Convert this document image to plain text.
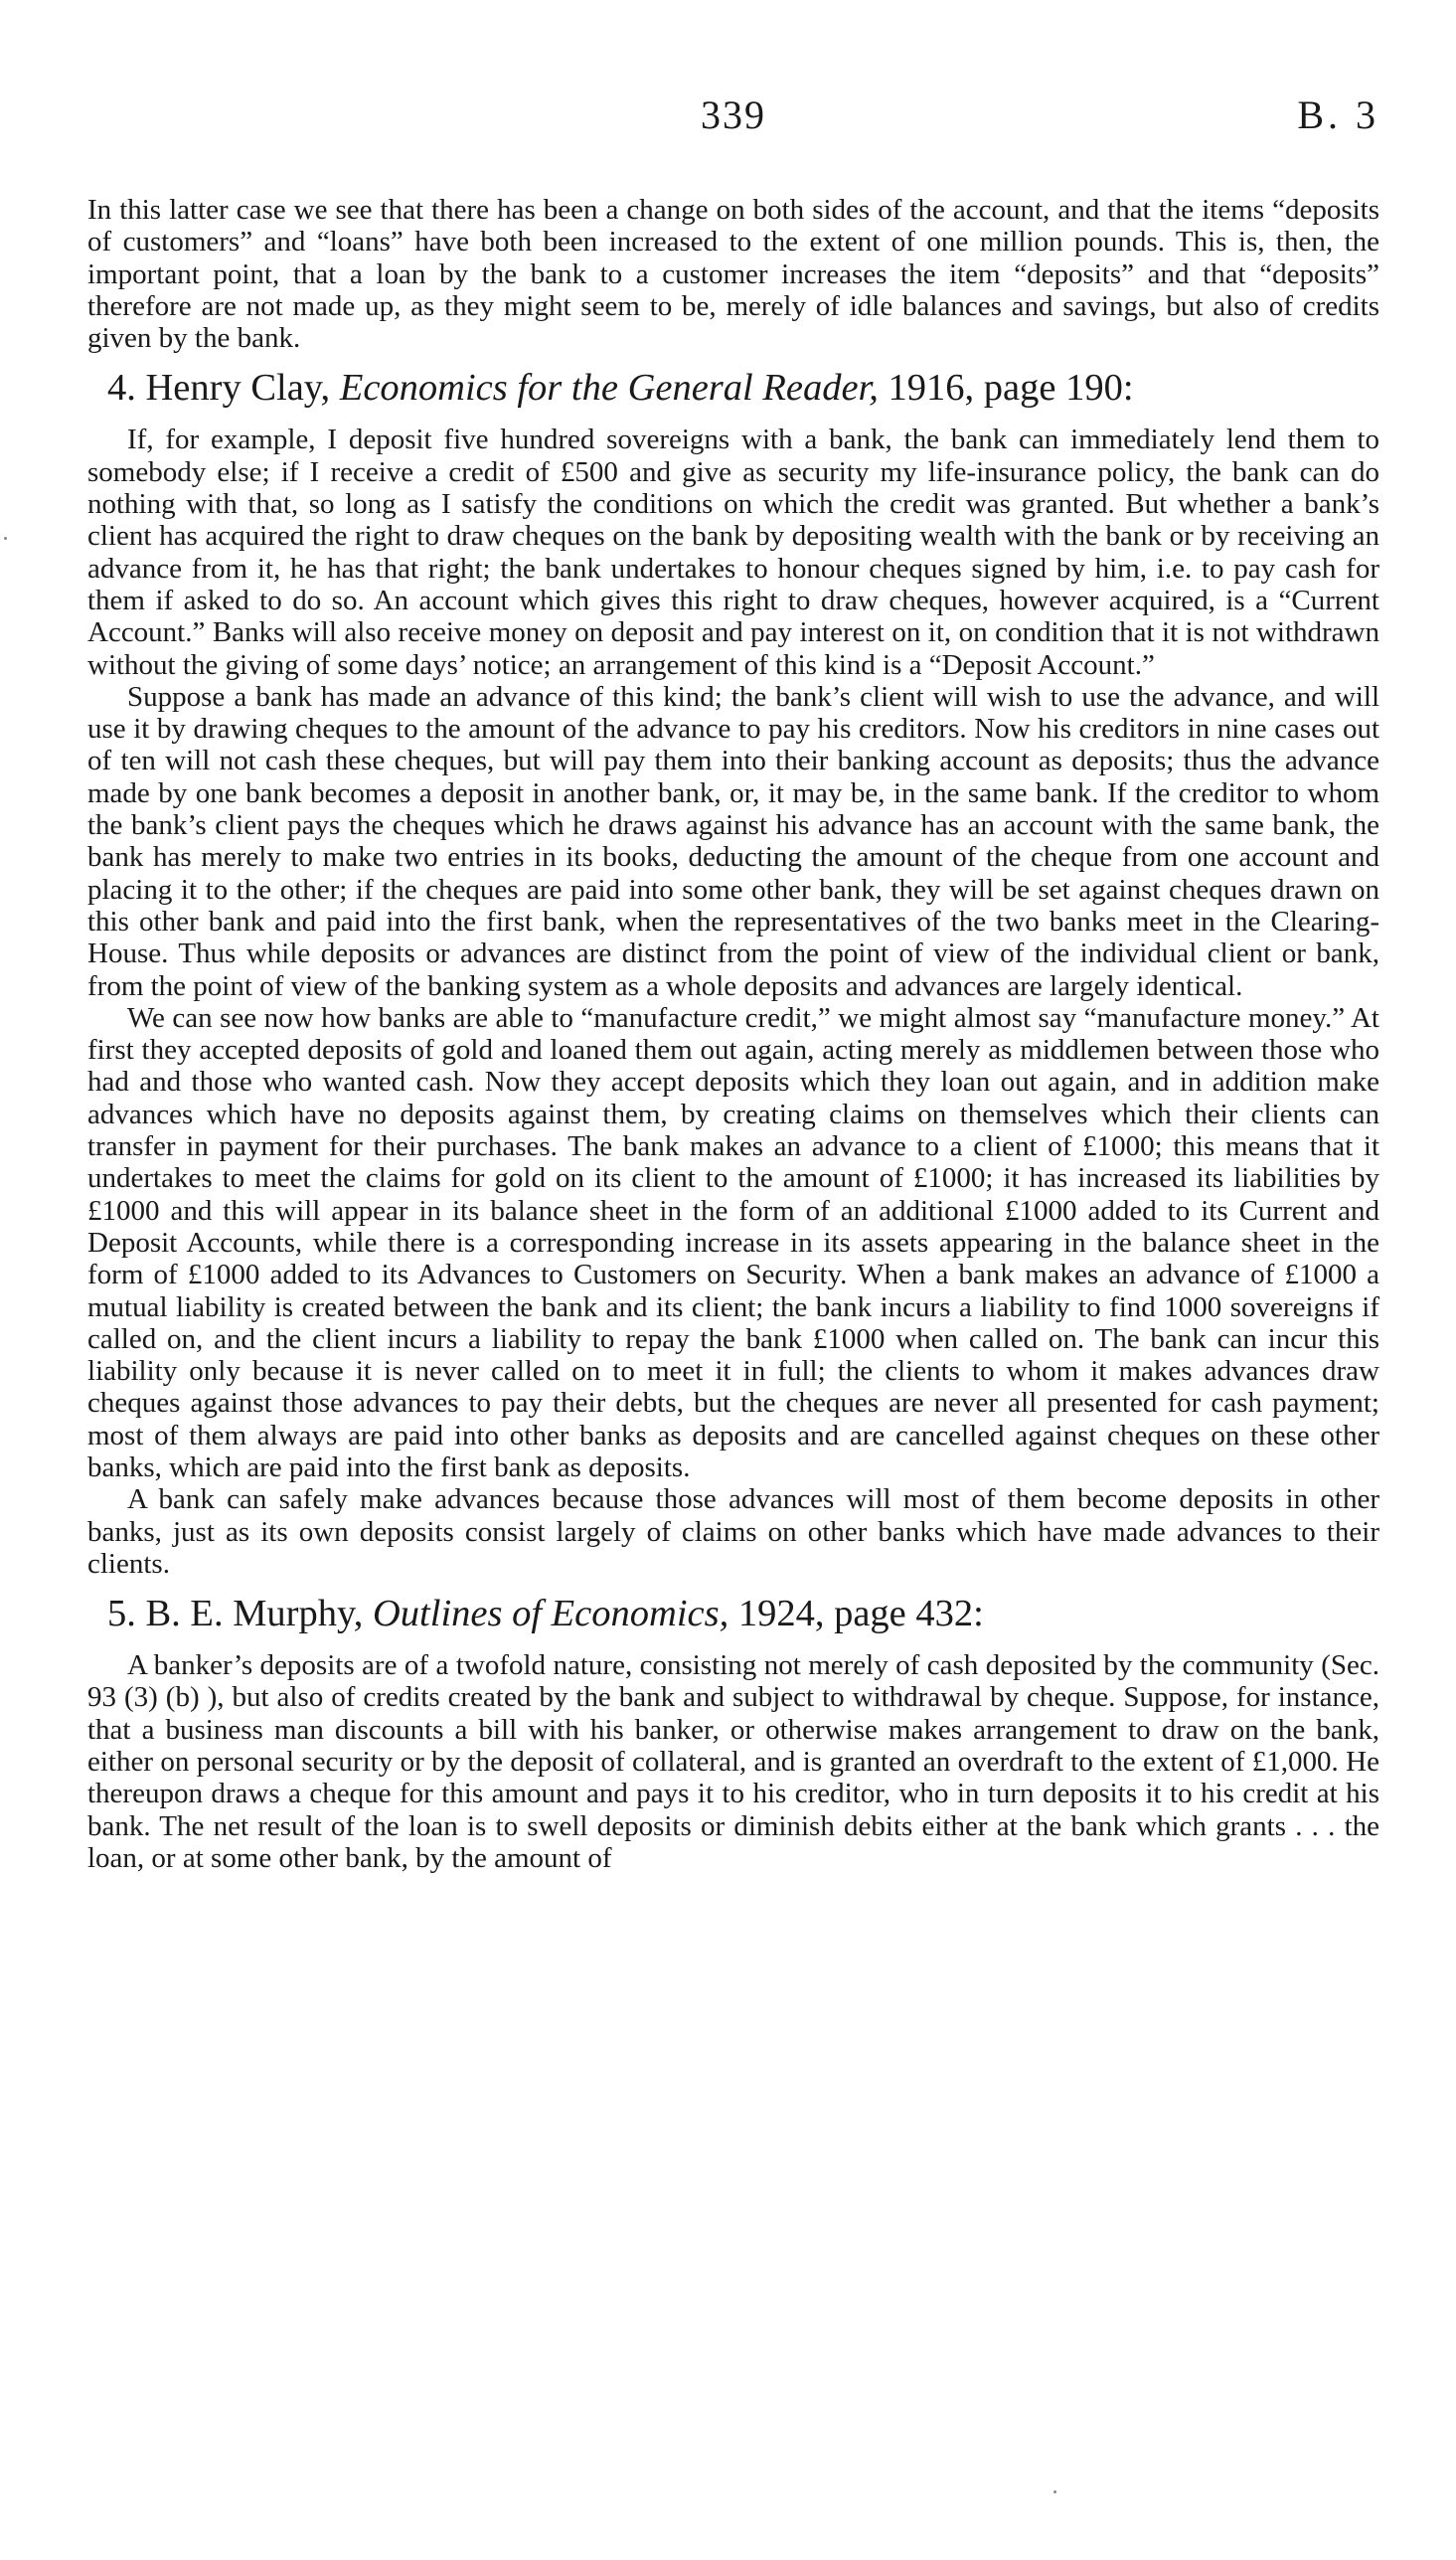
339	B. 3

In this latter case we see that there has been a change on both sides of the account, and that the items “deposits of customers” and “loans” have both been increased to the extent of one million pounds. This is, then, the important point, that a loan by the bank to a customer increases the item “deposits” and that “deposits” therefore are not made up, as they might seem to be, merely of idle balances and savings, but also of credits given by the bank.

4. Henry Clay, Economics for the General Reader, 1916, page 190:

If, for example, I deposit five hundred sovereigns with a bank, the bank can immediately lend them to somebody else; if I receive a credit of £500 and give as security my life-insurance policy, the bank can do nothing with that, so long as I satisfy the conditions on which the credit was granted. But whether a bank’s client has acquired the right to draw cheques on the bank by depositing wealth with the bank or by receiving an advance from it, he has that right; the bank undertakes to honour cheques signed by him, i.e. to pay cash for them if asked to do so. An account which gives this right to draw cheques, however acquired, is a “Current Account.” Banks will also receive money on deposit and pay interest on it, on condition that it is not withdrawn without the giving of some days’ notice; an arrangement of this kind is a “Deposit Account.”

Suppose a bank has made an advance of this kind; the bank’s client will wish to use the advance, and will use it by drawing cheques to the amount of the advance to pay his creditors. Now his creditors in nine cases out of ten will not cash these cheques, but will pay them into their banking account as deposits; thus the advance made by one bank becomes a deposit in another bank, or, it may be, in the same bank. If the creditor to whom the bank’s client pays the cheques which he draws against his advance has an account with the same bank, the bank has merely to make two entries in its books, deducting the amount of the cheque from one account and placing it to the other; if the cheques are paid into some other bank, they will be set against cheques drawn on this other bank and paid into the first bank, when the representatives of the two banks meet in the Clearing-House. Thus while deposits or advances are distinct from the point of view of the individual client or bank, from the point of view of the banking system as a whole deposits and advances are largely identical.

We can see now how banks are able to “manufacture credit,” we might almost say “manufacture money.” At first they accepted deposits of gold and loaned them out again, acting merely as middlemen between those who had and those who wanted cash. Now they accept deposits which they loan out again, and in addition make advances which have no deposits against them, by creating claims on themselves which their clients can transfer in payment for their purchases. The bank makes an advance to a client of £1000; this means that it undertakes to meet the claims for gold on its client to the amount of £1000; it has increased its liabilities by £1000 and this will appear in its balance sheet in the form of an additional £1000 added to its Current and Deposit Accounts, while there is a corresponding increase in its assets appearing in the balance sheet in the form of £1000 added to its Advances to Customers on Security. When a bank makes an advance of £1000 a mutual liability is created between the bank and its client; the bank incurs a liability to find 1000 sovereigns if called on, and the client incurs a liability to repay the bank £1000 when called on. The bank can incur this liability only because it is never called on to meet it in full; the clients to whom it makes advances draw cheques against those advances to pay their debts, but the cheques are never all presented for cash payment; most of them always are paid into other banks as deposits and are cancelled against cheques on these other banks, which are paid into the first bank as deposits.

A bank can safely make advances because those advances will most of them become deposits in other banks, just as its own deposits consist largely of claims on other banks which have made advances to their clients.

5. B. E. Murphy, Outlines of Economics, 1924, page 432:

A banker’s deposits are of a twofold nature, consisting not merely of cash deposited by the community (Sec. 93 (3) (b) ), but also of credits created by the bank and subject to withdrawal by cheque. Suppose, for instance, that a business man discounts a bill with his banker, or otherwise makes arrangement to draw on the bank, either on personal security or by the deposit of collateral, and is granted an overdraft to the extent of £1,000. He thereupon draws a cheque for this amount and pays it to his creditor, who in turn deposits it to his credit at his bank. The net result of the loan is to swell deposits or diminish debits either at the bank which grants . . . the loan, or at some other bank, by the amount of
